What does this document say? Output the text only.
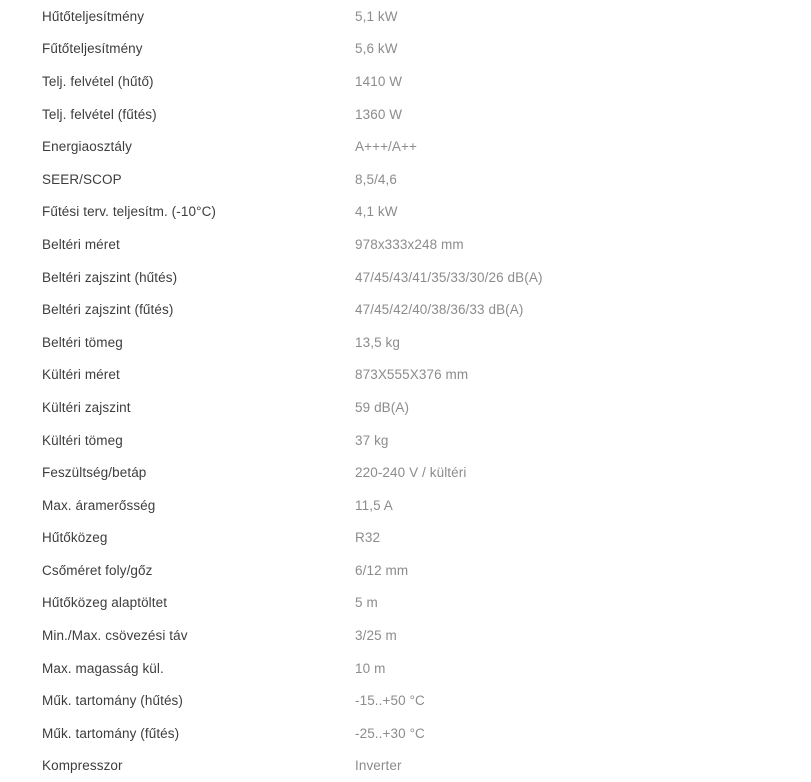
Hűtőteljesítmény	5,1 kW
Fűtőteljesítmény	5,6 kW
Telj. felvétel (hűtő)	1410 W
Telj. felvétel (fűtés)	1360 W
Energiaosztály	A+++/A++
SEER/SCOP	8,5/4,6
Fűtési terv. teljesítm. (-10°C)	4,1 kW
Beltéri méret	978x333x248 mm
Beltéri zajszint (hűtés)	47/45/43/41/35/33/30/26 dB(A)
Beltéri zajszint (fűtés)	47/45/42/40/38/36/33 dB(A)
Beltéri tömeg	13,5 kg
Kültéri méret	873X555X376 mm
Kültéri zajszint	59 dB(A)
Kültéri tömeg	37 kg
Feszültség/betáp	220-240 V / kültéri
Max. áramerősség	11,5 A
Hűtőközeg	R32
Csőméret foly/gőz	6/12 mm
Hűtőközeg alaptöltet	5 m
Min./Max. csövezési táv	3/25 m
Max. magasság kül.	10 m
Műk. tartomány (hűtés)	-15..+50 °C
Műk. tartomány (fűtés)	-25..+30 °C
Kompresszor	Inverter
